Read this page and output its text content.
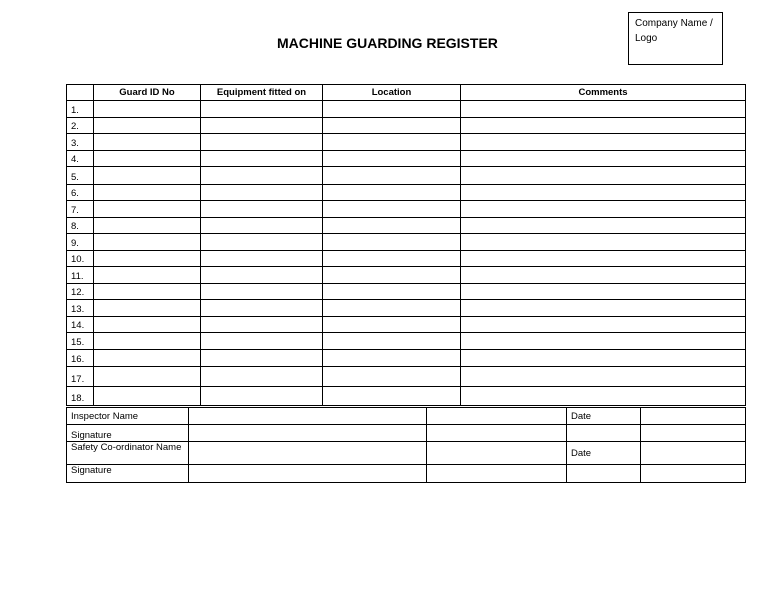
MACHINE GUARDING REGISTER
Company Name / Logo
	Guard ID No	Equipment fitted on	Location	Comments
1.				
2.				
3.				
4.				
5.				
6.				
7.				
8.				
9.				
10.				
11.				
12.				
13.				
14.				
15.				
16.				
17.				
18.				
Inspector Name			Date	
Signature				
Safety Co-ordinator Name			Date	
Signature				
